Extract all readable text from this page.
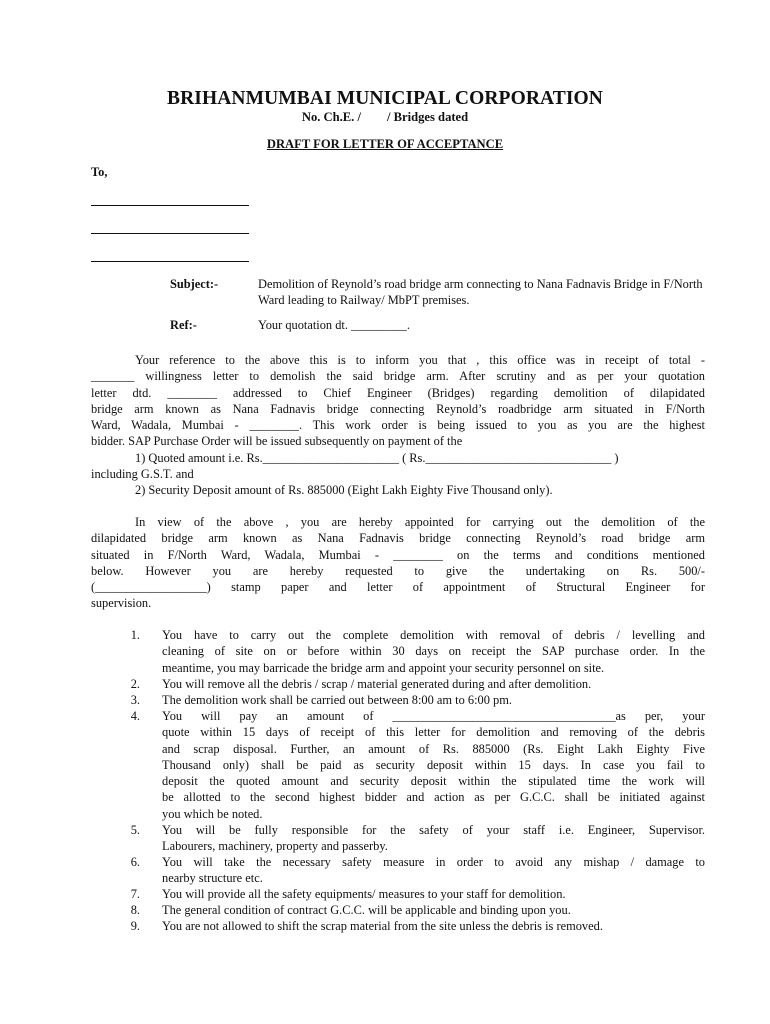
BRIHANMUMBAI MUNICIPAL CORPORATION
No. Ch.E. / / Bridges dated
DRAFT FOR LETTER OF ACCEPTANCE
To,
Subject:-	Demolition of Reynold’s road bridge arm connecting to Nana Fadnavis Bridge in F/North Ward leading to Railway/ MbPT premises.
Ref:-	Your quotation dt. _________.
Your reference to the above this is to inform you that , this office was in receipt of total -
_______ willingness letter to demolish the said bridge arm. After scrutiny and as per your quotation
letter dtd. ________ addressed to Chief Engineer (Bridges) regarding demolition of dilapidated
bridge arm known as Nana Fadnavis bridge connecting Reynold’s roadbridge arm situated in F/North
Ward, Wadala, Mumbai - ________. This work order is being issued to you as you are the highest
bidder. SAP Purchase Order will be issued subsequently on payment of the
1) Quoted amount i.e. Rs.______________________ ( Rs.______________________________ )
including G.S.T. and
2) Security Deposit amount of Rs. 885000 (Eight Lakh Eighty Five Thousand only).
In view of the above , you are hereby appointed for carrying out the demolition of the
dilapidated bridge arm known as Nana Fadnavis bridge connecting Reynold’s road bridge arm
situated in F/North Ward, Wadala, Mumbai - ________ on the terms and conditions mentioned
below. However you are hereby requested to give the undertaking on Rs. 500/-
(__________________) stamp paper and letter of appointment of Structural Engineer for
supervision.
1. You have to carry out the complete demolition with removal of debris / levelling and
cleaning of site on or before within 30 days on receipt the SAP purchase order. In the
meantime, you may barricade the bridge arm and appoint your security personnel on site.
2. You will remove all the debris / scrap / material generated during and after demolition.
3. The demolition work shall be carried out between 8:00 am to 6:00 pm.
4. You will pay an amount of ____________________________________as per, your
quote within 15 days of receipt of this letter for demolition and removing of the debris
and scrap disposal. Further, an amount of Rs. 885000 (Rs. Eight Lakh Eighty Five
Thousand only) shall be paid as security deposit within 15 days. In case you fail to
deposit the quoted amount and security deposit within the stipulated time the work will
be allotted to the second highest bidder and action as per G.C.C. shall be initiated against
you which be noted.
5. You will be fully responsible for the safety of your staff i.e. Engineer, Supervisor.
Labourers, machinery, property and passerby.
6. You will take the necessary safety measure in order to avoid any mishap / damage to
nearby structure etc.
7. You will provide all the safety equipments/ measures to your staff for demolition.
8. The general condition of contract G.C.C. will be applicable and binding upon you.
9. You are not allowed to shift the scrap material from the site unless the debris is removed.
